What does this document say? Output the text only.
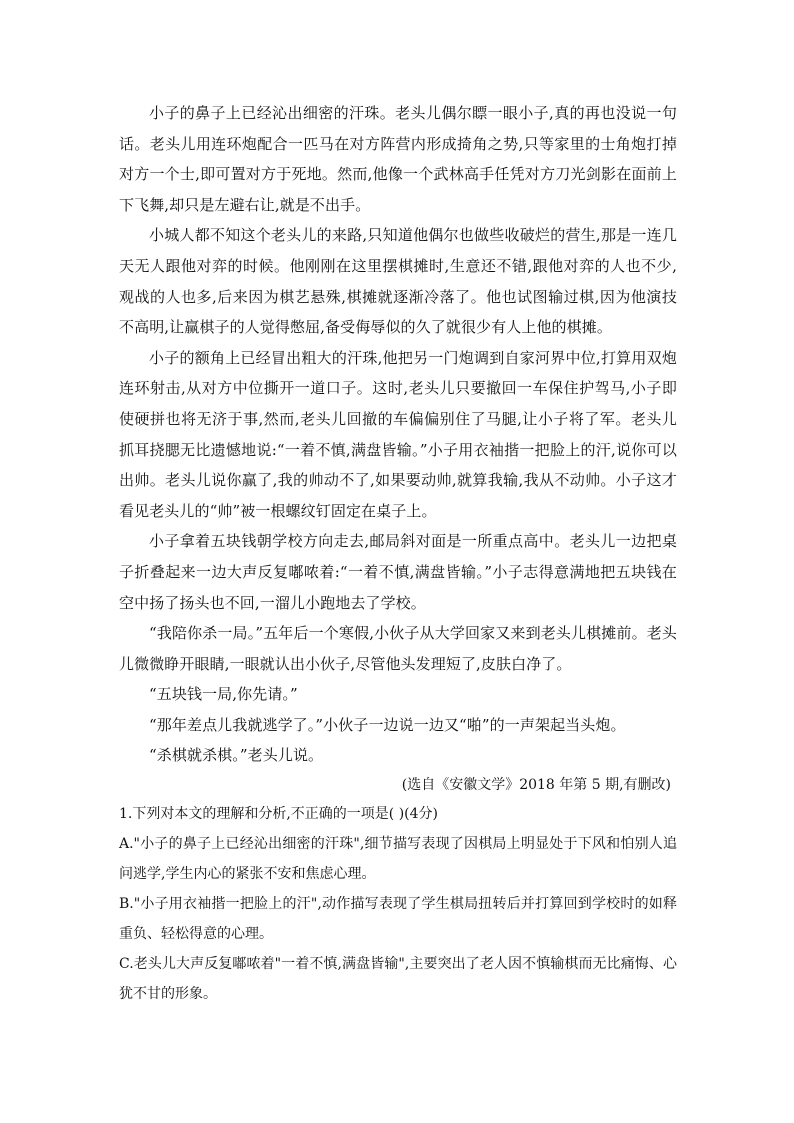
小子的鼻子上已经沁出细密的汗珠。老头儿偶尔瞟一眼小子,真的再也没说一句话。老头儿用连环炮配合一匹马在对方阵营内形成掎角之势,只等家里的士角炮打掉对方一个士,即可置对方于死地。然而,他像一个武林高手任凭对方刀光剑影在面前上下飞舞,却只是左避右让,就是不出手。

小城人都不知这个老头儿的来路,只知道他偶尔也做些收破烂的营生,那是一连几天无人跟他对弈的时候。他刚刚在这里摆棋摊时,生意还不错,跟他对弈的人也不少,观战的人也多,后来因为棋艺悬殊,棋摊就逐渐冷落了。他也试图输过棋,因为他演技不高明,让赢棋子的人觉得憋屈,备受侮辱似的久了就很少有人上他的棋摊。

小子的额角上已经冒出粗大的汗珠,他把另一门炮调到自家河界中位,打算用双炮连环射击,从对方中位撕开一道口子。这时,老头儿只要撤回一车保住护驾马,小子即使硬拼也将无济于事,然而,老头儿回撤的车偏偏别住了马腿,让小子将了军。老头儿抓耳挠腮无比遗憾地说:“一着不慎,满盘皆输。”小子用衣袖揩一把脸上的汗,说你可以出帅。老头儿说你赢了,我的帅动不了,如果要动帅,就算我输,我从不动帅。小子这才看见老头儿的“帅”被一根螺纹钉固定在桌子上。

小子拿着五块钱朝学校方向走去,邮局斜对面是一所重点高中。老头儿一边把桌子折叠起来一边大声反复嘟哝着:“一着不慎,满盘皆输。”小子志得意满地把五块钱在空中扬了扬头也不回,一溜儿小跑地去了学校。

“我陪你杀一局。”五年后一个寒假,小伙子从大学回家又来到老头儿棋摊前。老头儿微微睁开眼睛,一眼就认出小伙子,尽管他头发理短了,皮肤白净了。

“五块钱一局,你先请。”

“那年差点儿我就逃学了。”小伙子一边说一边又“啪”的一声架起当头炮。

“杀棋就杀棋。”老头儿说。

(选自《安徽文学》2018 年第 5 期,有删改)

1.下列对本文的理解和分析,不正确的一项是( )(4分)

A."小子的鼻子上已经沁出细密的汗珠",细节描写表现了因棋局上明显处于下风和怕别人追问逃学,学生内心的紧张不安和焦虑心理。

B."小子用衣袖揩一把脸上的汗",动作描写表现了学生棋局扭转后并打算回到学校时的如释重负、轻松得意的心理。

C.老头儿大声反复嘟哝着"一着不慎,满盘皆输",主要突出了老人因不慎输棋而无比痛悔、心犹不甘的形象。
